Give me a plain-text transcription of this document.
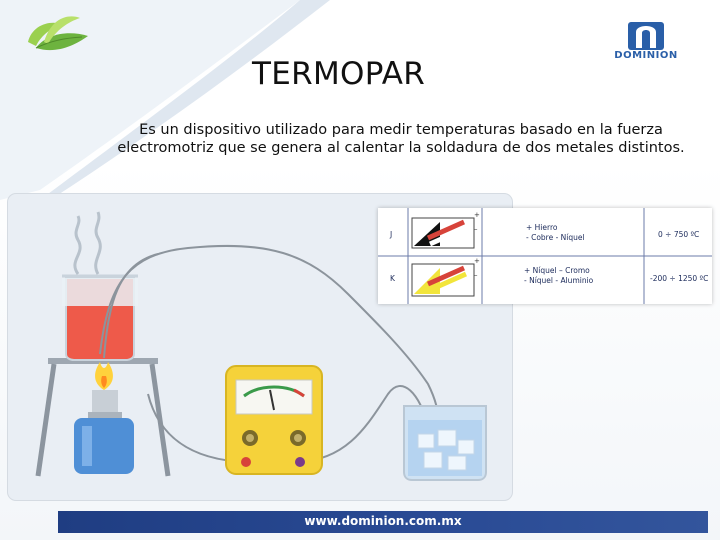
DOMINION
TERMOPAR
Es un dispositivo utilizado para medir temperaturas basado en la fuerza
electromotriz que se genera al calentar la soldadura de dos metales distintos.
+
–
+
–
J
+ Hierro
- Cobre - Níquel	0 ÷ 750 ºC
K
+ Níquel – Cromo
- Níquel - Aluminio	-200 ÷ 1250 ºC
www.dominion.com.mx
